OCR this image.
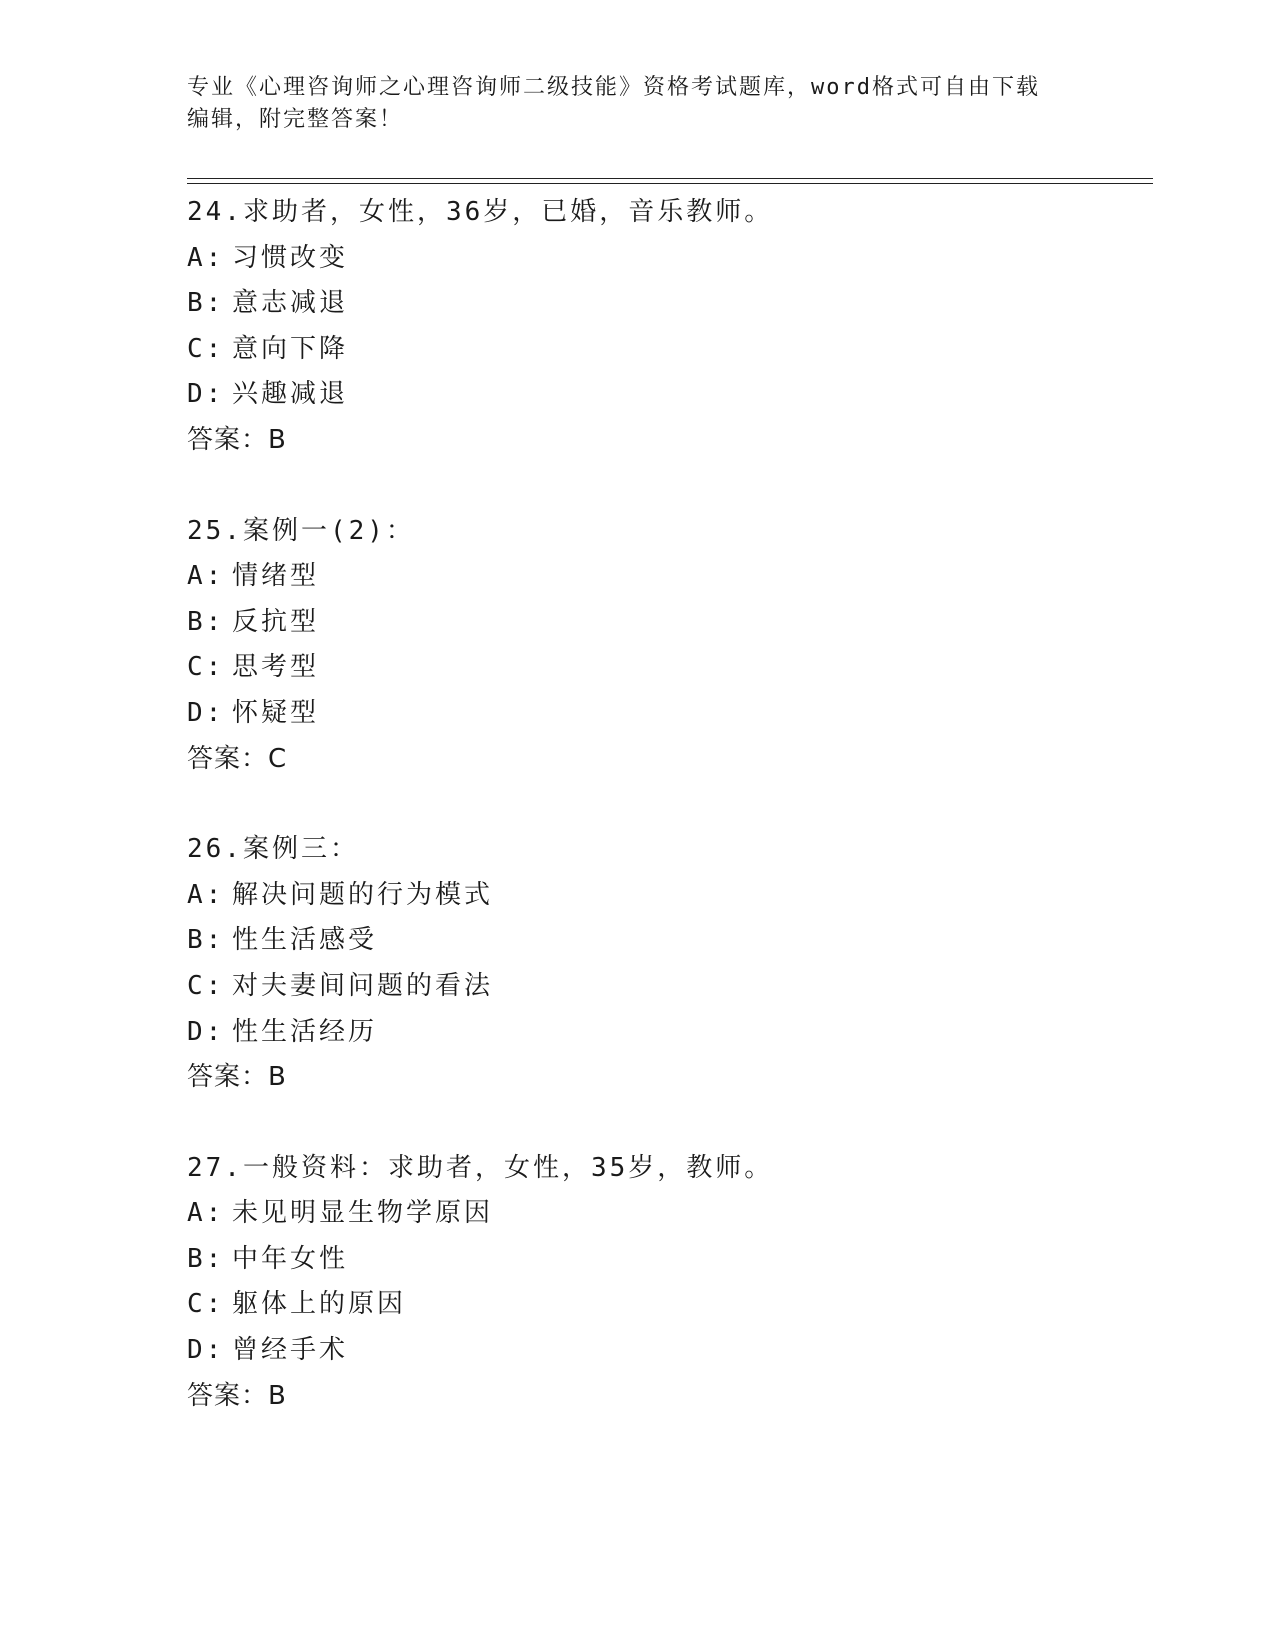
专业《心理咨询师之心理咨询师二级技能》资格考试题库，word格式可自由下载
编辑，附完整答案！
24.求助者，女性，36岁，已婚，音乐教师。
A: 习惯改变
B: 意志减退
C: 意向下降
D: 兴趣减退
答案：B
25.案例一(2)：
A: 情绪型
B: 反抗型
C: 思考型
D: 怀疑型
答案：C
26.案例三：
A: 解决问题的行为模式
B: 性生活感受
C: 对夫妻间问题的看法
D: 性生活经历
答案：B
27.一般资料：求助者，女性，35岁，教师。
A: 未见明显生物学原因
B: 中年女性
C: 躯体上的原因
D: 曾经手术
答案：B
